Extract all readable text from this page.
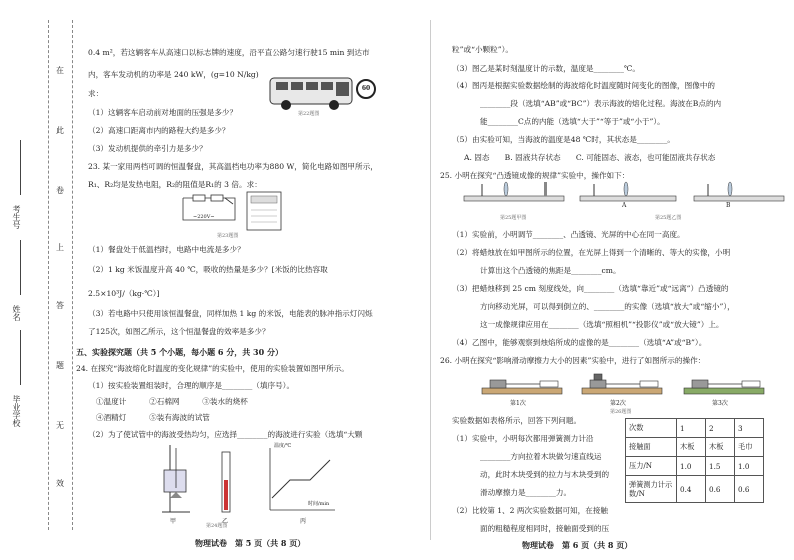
在
此
卷
上
答
题
无
效
考生号
姓名
毕业学校
0.4 m²，若这辆客车从高速口以标志牌的速度，沿平直公路匀速行驶15 min 到达市
内，客车发动机的功率是 240 kW，(g=10 N/kg)
求：
（1）这辆客车启动前对地面的压强是多少？
（2）高速口距离市内的路程大约是多少？
（3）发动机提供的牵引力是多少？
60
第22题图
23. 某一家用两档可调的恒温餐盘，其高温档电功率为880 W，简化电路如图甲所示，
R₁、R₂均是发热电阻，R₂的阻值是R₁的 3 倍。求：
~220V~
第23题图
（1）餐盘处于低温档时，电路中电流是多少？
（2）1 kg 米饭温度升高 40 ℃，吸收的热量是多少？[米饭的比热容取
2.5×10³J/（kg·℃）]
（3）若电路中只使用该恒温餐盘，同样加热 1 kg 的米饭，电能表的脉冲指示灯闪烁
了125次，如图乙所示，这个恒温餐盘的效率是多少？
五、实验探究题（共 5 个小题，每小题 6 分，共 30 分）
24. 在探究“海波熔化时温度的变化规律”的实验中，使用的实验装置如图甲所示。
（1）按实验装置组装时，合理的顺序是________（填序号）。
①温度计　　　②石棉网　　　③装水的烧杯
④酒精灯　　　⑤装有海波的试管
（2）为了使试管中的海波受热均匀，应选择________的海波进行实验（选填“大颗
温度/℃
时间/min
甲	乙	丙
第24题图
物理试卷　第 5 页（共 8 页）
粒”或“小颗粒”）。
（3）图乙是某时刻温度计的示数，温度是________℃。
（4）图丙是根据实验数据绘制的海波熔化时温度随时间变化的图像，图像中的
________段（选填“AB”或“BC”）表示海波的熔化过程。海波在B点的内
能________C点的内能（选填“大于”“等于”或“小于”）。
（5）由实验可知，当海波的温度是48 ℃时，其状态是________。
A. 固态　　B. 固液共存状态　　C. 可能固态、液态，也可能固液共存状态
25. 小明在探究“凸透镜成像的规律”实验中，操作如下：
A	B
第25题甲图	第25题乙图
（1）实验前，小明调节________、凸透镜、光屏的中心在同一高度。
（2）将蜡烛放在如甲图所示的位置，在光屏上得到一个清晰的、等大的实像，小明
计算出这个凸透镜的焦距是________cm。
（3）把蜡烛移到 25 cm 刻度线处，向________（选填“靠近”或“远离”）凸透镜的
方向移动光屏，可以得到倒立的、________的实像（选填“放大”或“缩小”），
这一成像规律应用在________（选填“照相机”“投影仪”或“放大镜”）上。
（4）乙图中，能够观察到烛焰所成的虚像的是________（选填“A”或“B”）。
26. 小明在探究“影响滑动摩擦力大小的因素”实验中，进行了如图所示的操作：
第1次	第2次	第3次
第26题图
实验数据如表格所示，回答下列问题。
（1）实验中，小明每次都用弹簧测力计沿
________方向拉着木块做匀速直线运
动，此时木块受到的拉力与木块受到的
滑动摩擦力是________力。
（2）比较第 1、2 两次实验数据可知，在接触
面的粗糙程度相同时，接触面受到的压
次数	1	2	3
接触面	木板	木板	毛巾
压力/N	1.0	1.5	1.0
弹簧测力计示数/N	0.4	0.6	0.6
物理试卷　第 6 页（共 8 页）
